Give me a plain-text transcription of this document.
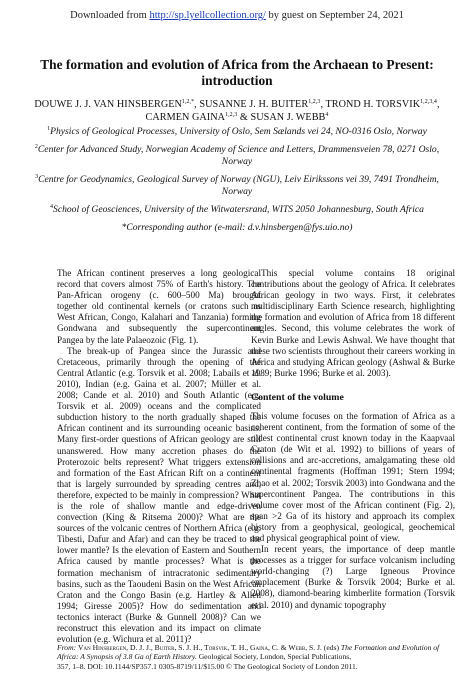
Downloaded from http://sp.lyellcollection.org/ by guest on September 24, 2021
The formation and evolution of Africa from the Archaean to Present: introduction
DOUWE J. J. VAN $HINSBERGEN^{1,2,*}$, SUSANNE J. H. BUITER$^{1,2,3}$, TROND H. TORSVIK$^{1,2,3,4}$, CARMEN GAINA$^{1,2,3}$ & SUSAN J. WEBB$^4$
$^1$Physics of Geological Processes, University of Oslo, Sem Sælands vei 24, NO-0316 Oslo, Norway
$^2$Center for Advanced Study, Norwegian Academy of Science and Letters, Drammensveien 78, 0271 Oslo, Norway
$^3$Centre for Geodynamics, Geological Survey of Norway (NGU), Leiv Eirikssons vei 39, 7491 Trondheim, Norway
$^4$School of Geosciences, University of the Witwatersrand, WITS 2050 Johannesburg, South Africa
*Corresponding author (e-mail: d.v.hinsbergen@fys.uio.no)

The African continent preserves a long geological record that covers almost 75% of Earth's history. The Pan-African orogeny (c. 600–500 Ma) brought together old continental kernels (or cratons such as West African, Congo, Kalahari and Tanzania) forming Gondwana and subsequently the supercontinent Pangea by the late Palaeozoic (Fig. 1).

The break-up of Pangea since the Jurassic and Cretaceous, primarily through the opening of the Central Atlantic (e.g. Torsvik et al. 2008; Labails et al. 2010), Indian (e.g. Gaina et al. 2007; Müller et al. 2008; Cande et al. 2010) and South Atlantic (e.g. Torsvik et al. 2009) oceans and the complicated subduction history to the north gradually shaped the African continent and its surrounding oceanic basins. Many first-order questions of African geology are still unanswered. How many accretion phases do the Proterozoic belts represent? What triggers extension and formation of the East African Rift on a continent that is largely surrounded by spreading centres and, therefore, expected to be mainly in compression? What is the role of shallow mantle and edge-driven convection (King & Ritsema 2000)? What are the sources of the volcanic centres of Northern Africa (e.g. Tibesti, Dafur and Afar) and can they be traced to the lower mantle? Is the elevation of Eastern and Southern Africa caused by mantle processes? What is the formation mechanism of intracratonic sedimentary basins, such as the Taoudeni Basin on the West African Craton and the Congo Basin (e.g. Hartley & Allen 1994; Giresse 2005)? How do sedimentation and tectonics interact (Burke & Gunnell 2008)? Can we reconstruct this elevation and its impact on climate evolution (e.g. Wichura et al. 2011)?

This special volume contains 18 original contributions about the geology of Africa. It celebrates African geology in two ways. First, it celebrates multidisciplinary Earth Science research, highlighting the formation and evolution of Africa from 18 different angles. Second, this volume celebrates the work of Kevin Burke and Lewis Ashwal. We have thought that these two scientists throughout their careers working in Africa and studying African geology (Ashwal & Burke 1989; Burke 1996; Burke et al. 2003).

Content of the volume

This volume focuses on the formation of Africa as a coherent continent, from the formation of some of the oldest continental crust known today in the Kaapvaal Craton (de Wit et al. 1992) to billions of years of collisions and arc-accretions, amalgamating these old continental fragments (Hoffman 1991; Stern 1994; Zhao et al. 2002; Torsvik 2003) into Gondwana and the supercontinent Pangea. The contributions in this volume cover most of the African continent (Fig. 2), span >2 Ga of its history and approach its complex history from a geophysical, geological, geochemical and physical geographical point of view.

In recent years, the importance of deep mantle processes as a trigger for surface volcanism including world-changing (?) Large Igneous Province emplacement (Burke & Torsvik 2004; Burke et al. 2008), diamond-bearing kimberlite formation (Torsvik et al. 2010) and dynamic topography

From: Van Hinsbergen, D. J. J., Buiter, S. J. H., Torsvik, T. H., Gaina, C. & Webb, S. J. (eds) The Formation and Evolution of Africa: A Synopsis of 3.8 Ga of Earth History. Geological Society, London, Special Publications,
357, 1–8. DOI: 10.1144/SP357.1 0305-8719/11/$15.00 © The Geological Society of London 2011.
